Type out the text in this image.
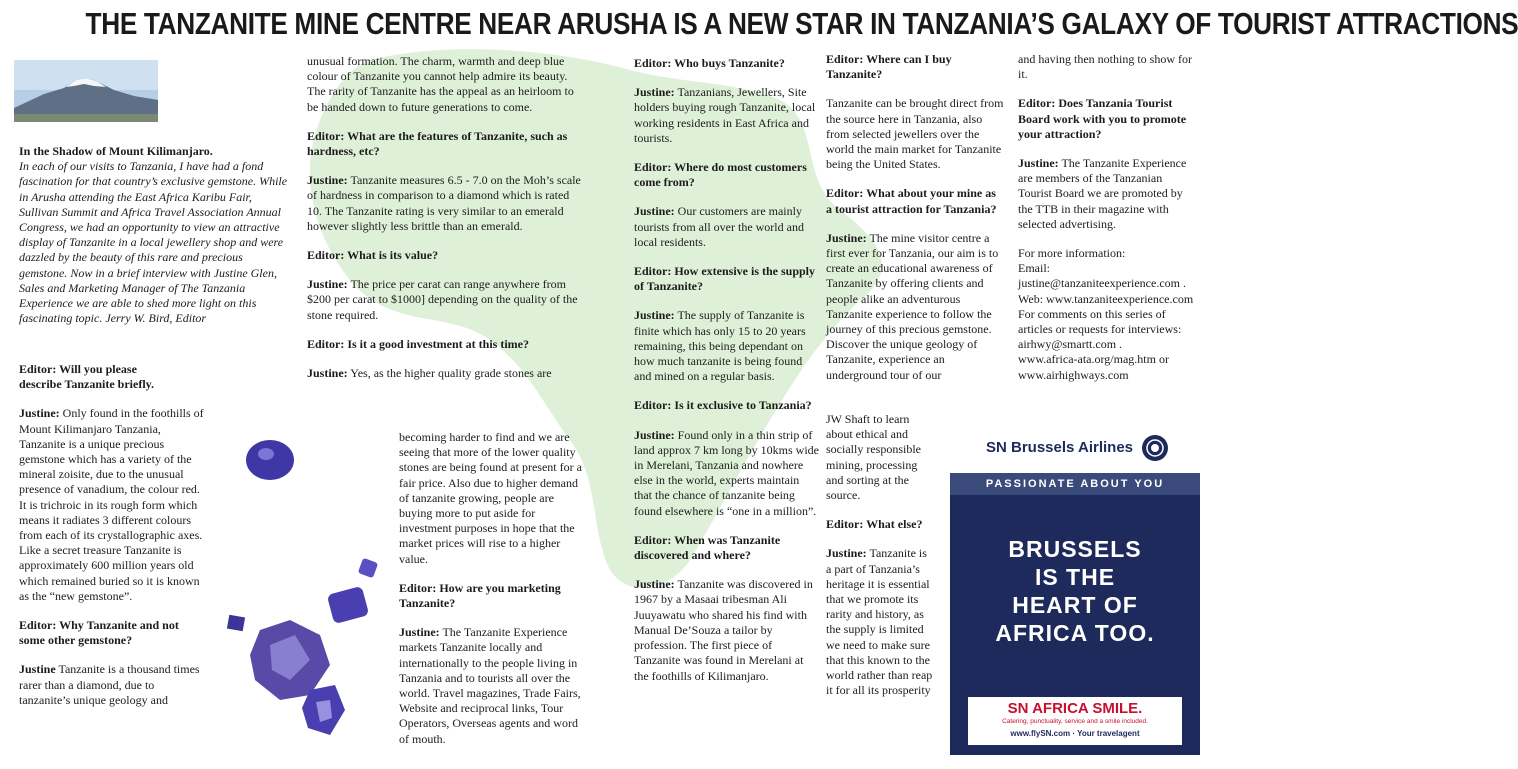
THE TANZANITE MINE CENTRE NEAR ARUSHA IS A NEW STAR IN TANZANIA’S GALAXY OF TOURIST ATTRACTIONS

In the Shadow of Mount Kilimanjaro.
In each of our visits to Tanzania, I have had a fond fascination for that country’s exclusive gemstone. While in Arusha attending the East Africa Karibu Fair, Sullivan Summit and Africa Travel Association Annual Congress, we had an opportunity to view an attractive display of Tanzanite in a local jewellery shop and were dazzled by the beauty of this rare and precious gemstone. Now in a brief interview with Justine Glen, Sales and Marketing Manager of The Tanzania Experience we are able to shed more light on this fascinating topic. Jerry W. Bird, Editor

Editor: Will you please describe Tanzanite briefly.

Justine: Only found in the foothills of Mount Kilimanjaro Tanzania, Tanzanite is a unique precious gemstone which has a variety of the mineral zoisite, due to the unusual presence of vanadium, the colour red. It is trichroic in its rough form which means it radiates 3 different colours from each of its crystallographic axes. Like a secret treasure Tanzanite is approximately 600 million years old which remained buried so it is known as the “new gemstone”.

Editor: Why Tanzanite and not some other gemstone?

Justine Tanzanite is a thousand times rarer than a diamond, due to tanzanite’s unique geology and

unusual formation. The charm, warmth and deep blue colour of Tanzanite you cannot help admire its beauty. The rarity of Tanzanite has the appeal as an heirloom to be handed down to future generations to come.

Editor: What are the features of Tanzanite, such as hardness, etc?

Justine: Tanzanite measures 6.5 - 7.0 on the Moh’s scale of hardness in comparison to a diamond which is rated 10. The Tanzanite rating is very similar to an emerald however slightly less brittle than an emerald.

Editor: What is its value?

Justine: The price per carat can range anywhere from $200 per carat to $1000] depending on the quality of the stone required.

Editor: Is it a good investment at this time?

Justine: Yes, as the higher quality grade stones are

becoming harder to find and we are seeing that more of the lower quality stones are being found at present for a fair price. Also due to higher demand of tanzanite growing, people are buying more to put aside for investment purposes in hope that the market prices will rise to a higher value.

Editor: How are you marketing Tanzanite?

Justine: The Tanzanite Experience markets Tanzanite locally and internationally to the people living in Tanzania and to tourists all over the world. Travel magazines, Trade Fairs, Website and reciprocal links, Tour Operators, Overseas agents and word of mouth.

Editor: Who buys Tanzanite?

Justine: Tanzanians, Jewellers, Site holders buying rough Tanzanite, local working residents in East Africa and tourists.

Editor: Where do most customers come from?

Justine: Our customers are mainly tourists from all over the world and local residents.

Editor: How extensive is the supply of Tanzanite?

Justine: The supply of Tanzanite is finite which has only 15 to 20 years remaining, this being dependant on how much tanzanite is being found and mined on a regular basis.

Editor: Is it exclusive to Tanzania?

Justine: Found only in a thin strip of land approx 7 km long by 10kms wide in Merelani, Tanzania and nowhere else in the world, experts maintain that the chance of tanzanite being found elsewhere is “one in a million”.

Editor: When was Tanzanite discovered and where?

Justine: Tanzanite was discovered in 1967 by a Masaai tribesman Ali Juuyawatu who shared his find with Manual De’Souza a tailor by profession. The first piece of Tanzanite was found in Merelani at the foothills of Kilimanjaro.

Editor: Where can I buy Tanzanite?

Tanzanite can be brought direct from the source here in Tanzania, also from selected jewellers over the world the main market for Tanzanite being the United States.

Editor: What about your mine as a tourist attraction for Tanzania?

Justine: The mine visitor centre a first ever for Tanzania, our aim is to create an educational awareness of Tanzanite by offering clients and people alike an adventurous Tanzanite experience to follow the journey of this precious gemstone. Discover the unique geology of Tanzanite, experience an underground tour of our

JW Shaft to learn about ethical and socially responsible mining, processing and sorting at the source.

Editor: What else?

Justine: Tanzanite is a part of Tanzania’s heritage it is essential that we promote its rarity and history, as the supply is limited we need to make sure that this known to the world rather than reap it for all its prosperity

and having then nothing to show for it.

Editor: Does Tanzania Tourist Board work with you to promote your attraction?

Justine: The Tanzanite Experience are members of the Tanzanian Tourist Board we are promoted by the TTB in their magazine with selected advertising.

For more information:

Email: justine@tanzaniteexperience.com . Web: www.tanzaniteexperience.com

For comments on this series of articles or requests for interviews:

airhwy@smartt.com .

www.africa-ata.org/mag.htm or www.airhighways.com

SN Brussels Airlines
PASSIONATE ABOUT YOU
BRUSSELS
IS THE
HEART OF
AFRICA TOO.
SN AFRICA SMILE.
Catering, punctuality, service and a smile included.
www.flySN.com · Your travelagent
